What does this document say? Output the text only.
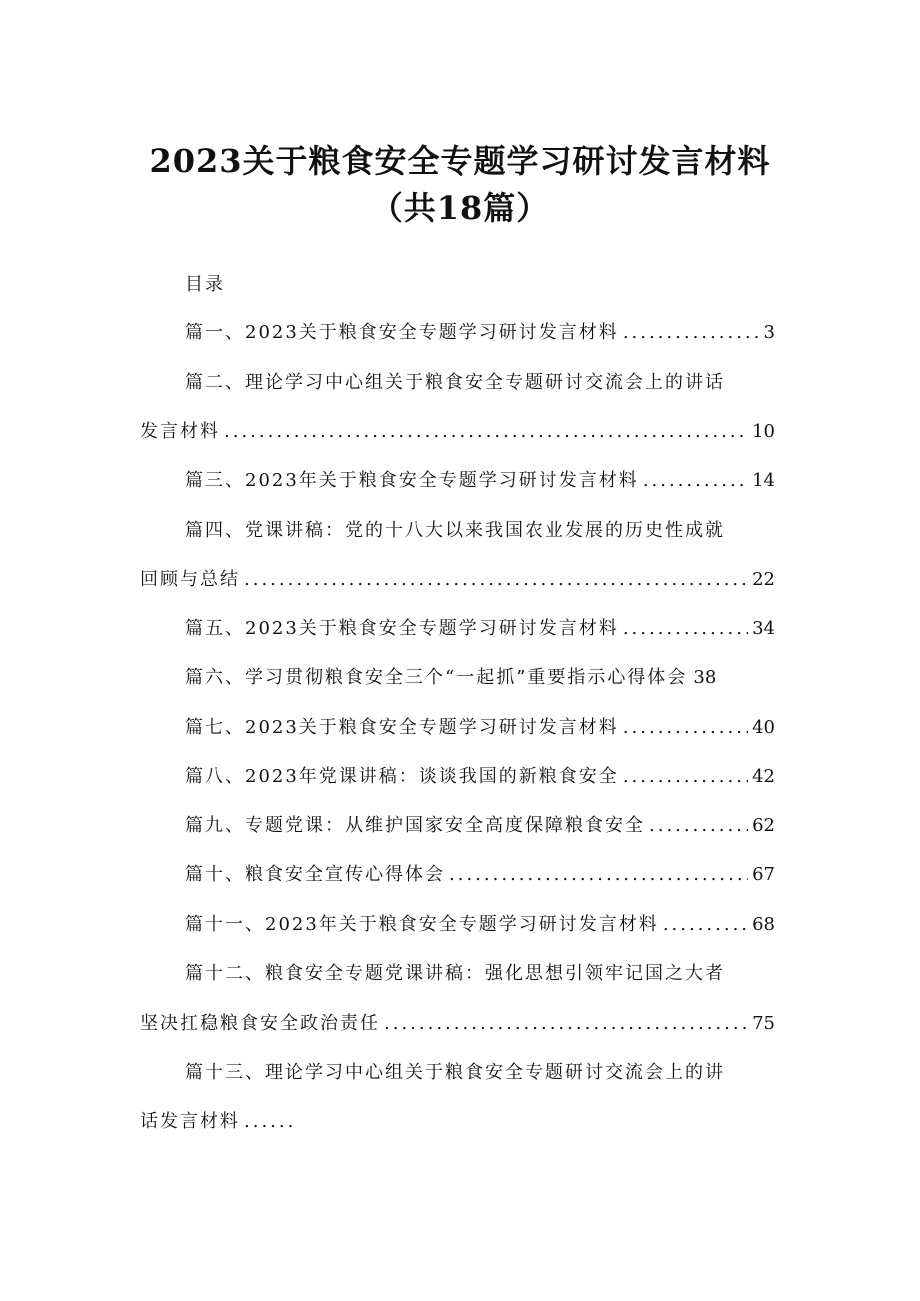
2023关于粮食安全专题学习研讨发言材料
（共18篇）
目录
篇一、2023关于粮食安全专题学习研讨发言材料 .....	3
篇二、理论学习中心组关于粮食安全专题研讨交流会上的讲话
发言材料 .....	10
篇三、2023年关于粮食安全专题学习研讨发言材料 .....	14
篇四、党课讲稿：党的十八大以来我国农业发展的历史性成就
回顾与总结 .....	22
篇五、2023关于粮食安全专题学习研讨发言材料 .....	34
篇六、学习贯彻粮食安全三个“一起抓”重要指示心得体会 38
篇七、2023关于粮食安全专题学习研讨发言材料 .....	40
篇八、2023年党课讲稿：谈谈我国的新粮食安全 .....	42
篇九、专题党课：从维护国家安全高度保障粮食安全 .....	62
篇十、粮食安全宣传心得体会 .....	67
篇十一、2023年关于粮食安全专题学习研讨发言材料 .....	68
篇十二、粮食安全专题党课讲稿：强化思想引领牢记国之大者
坚决扛稳粮食安全政治责任 .....	75
篇十三、理论学习中心组关于粮食安全专题研讨交流会上的讲
话发言材料
.....
